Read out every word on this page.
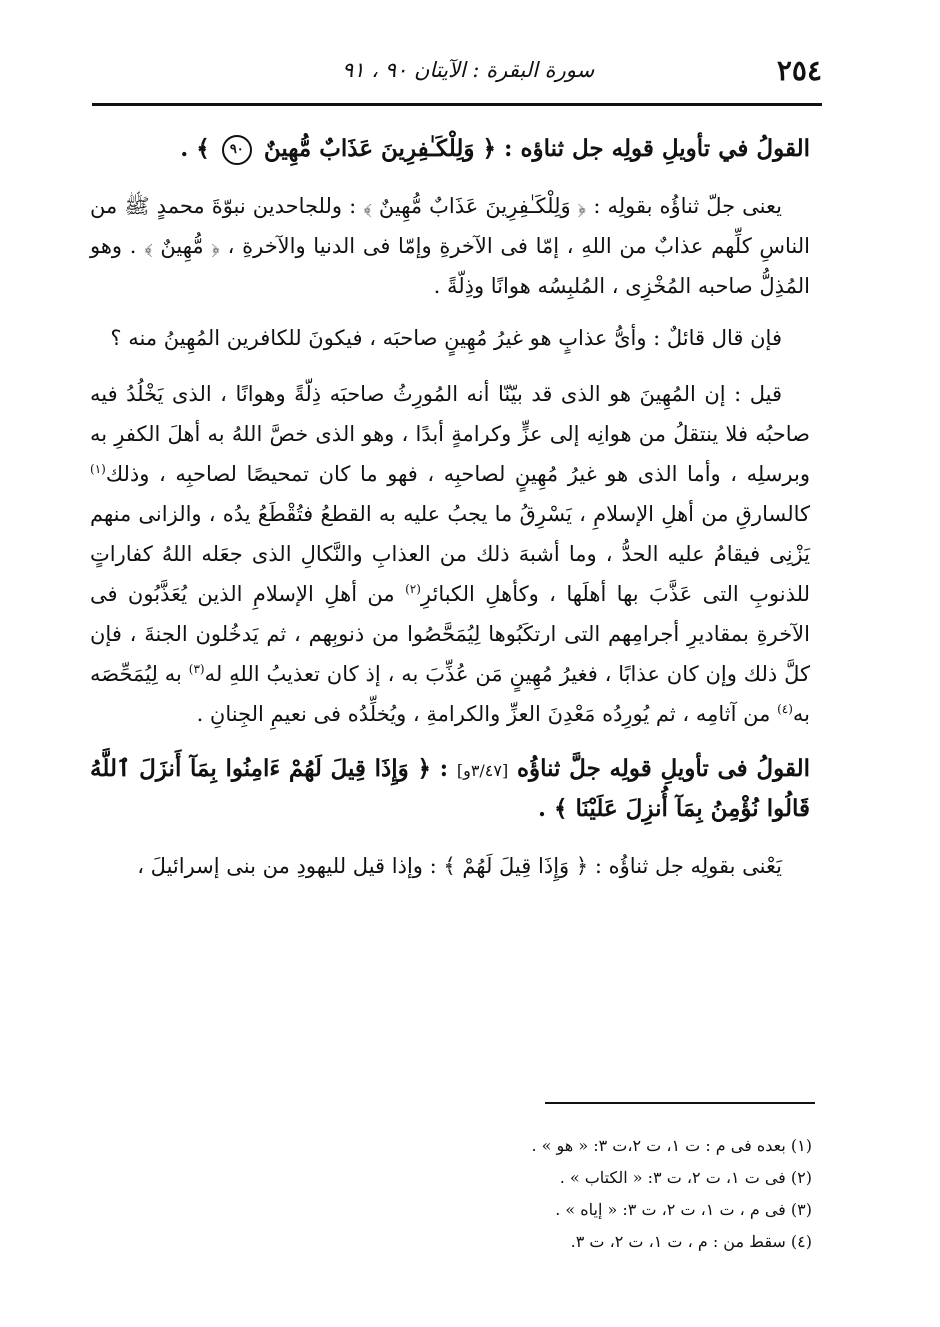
٢٥٤
سورة البقرة : الآيتان ٩٠ ، ٩١

القولُ في تأويلِ قولِه جل ثناؤه : ﴿ وَلِلْكَـٰفِرِينَ عَذَابٌ مُّهِينٌ ٩٠ ﴾ .

يعنى جلّ ثناؤُه بقولِه : ﴿ وَلِلْكَـٰفِرِينَ عَذَابٌ مُّهِينٌ ﴾ : وللجاحدين نبوّةَ محمدٍ ﷺ من الناسِ كلِّهم عذابٌ من اللهِ ، إمّا فى الآخرةِ وإمّا فى الدنيا والآخرةِ ، ﴿ مُّهِينٌ ﴾ . وهو المُذِلُّ صاحبه المُخْزِى ، المُلبِسُه هوانًا وذِلّةً .

فإن قال قائلٌ : وأىُّ عذابٍ هو غيرُ مُهِينٍ صاحبَه ، فيكونَ للكافرين المُهِينُ منه ؟

قيل : إن المُهِينَ هو الذى قد بيّنّا أنه المُورِثُ صاحبَه ذِلّةً وهوانًا ، الذى يَخْلُدُ فيه صاحبُه فلا ينتقلُ من هوانِه إلى عزٍّ وكرامةٍ أبدًا ، وهو الذى خصَّ اللهُ به أهلَ الكفرِ به وبرسلِه ، وأما الذى هو غيرُ مُهِينٍ لصاحبِه ، فهو ما كان تمحيصًا لصاحبِه ، وذلك$^{(١)}$ كالسارقِ من أهلِ الإسلامِ ، يَسْرِقُ ما يجبُ عليه به القطعُ فتُقْطَعُ يدُه ، والزانى منهم يَزْنِى فيقامُ عليه الحدُّ ، وما أشبهَ ذلك من العذابِ والنَّكالِ الذى جعَله اللهُ كفاراتٍ للذنوبِ التى عَذَّبَ بها أهلَها ، وكأهلِ الكبائرِ$^{(٢)}$ من أهلِ الإسلامِ الذين يُعَذَّبُون فى الآخرةِ بمقاديرِ أجرامِهم التى ارتكَبُوها لِيُمَحَّصُوا من ذنوبِهم ، ثم يَدخُلون الجنةَ ، فإن كلَّ ذلك وإن كان عذابًا ، فغيرُ مُهِينٍ مَن عُذِّبَ به ، إذ كان تعذيبُ اللهِ له$^{(٣)}$ به لِيُمَحِّصَه به$^{(٤)}$ من آثامِه ، ثم يُورِدُه مَعْدِنَ العزِّ والكرامةِ ، ويُخلِّدُه فى نعيمِ الجِنانِ .

القولُ فى تأويلِ قولِه جلَّ ثناؤُه [٣/٤٧و] : ﴿ وَإِذَا قِيلَ لَهُمْ ءَامِنُوا بِمَآ أَنزَلَ ٱللَّهُ قَالُوا نُؤْمِنُ بِمَآ أُنزِلَ عَلَيْنَا ﴾ .

يَعْنى بقولِه جل ثناؤُه : ﴿ وَإِذَا قِيلَ لَهُمْ ﴾ : وإذا قيل لليهودِ من بنى إسرائيلَ ،

(١) بعده فى م : ت ١، ت ٢،ت ٣: « هو » .
(٢) فى ت ١، ت ٢، ت ٣: « الكتاب » .
(٣) فى م ، ت ١، ت ٢، ت ٣: « إياه » .
(٤) سقط من : م ، ت ١، ت ٢، ت ٣.
